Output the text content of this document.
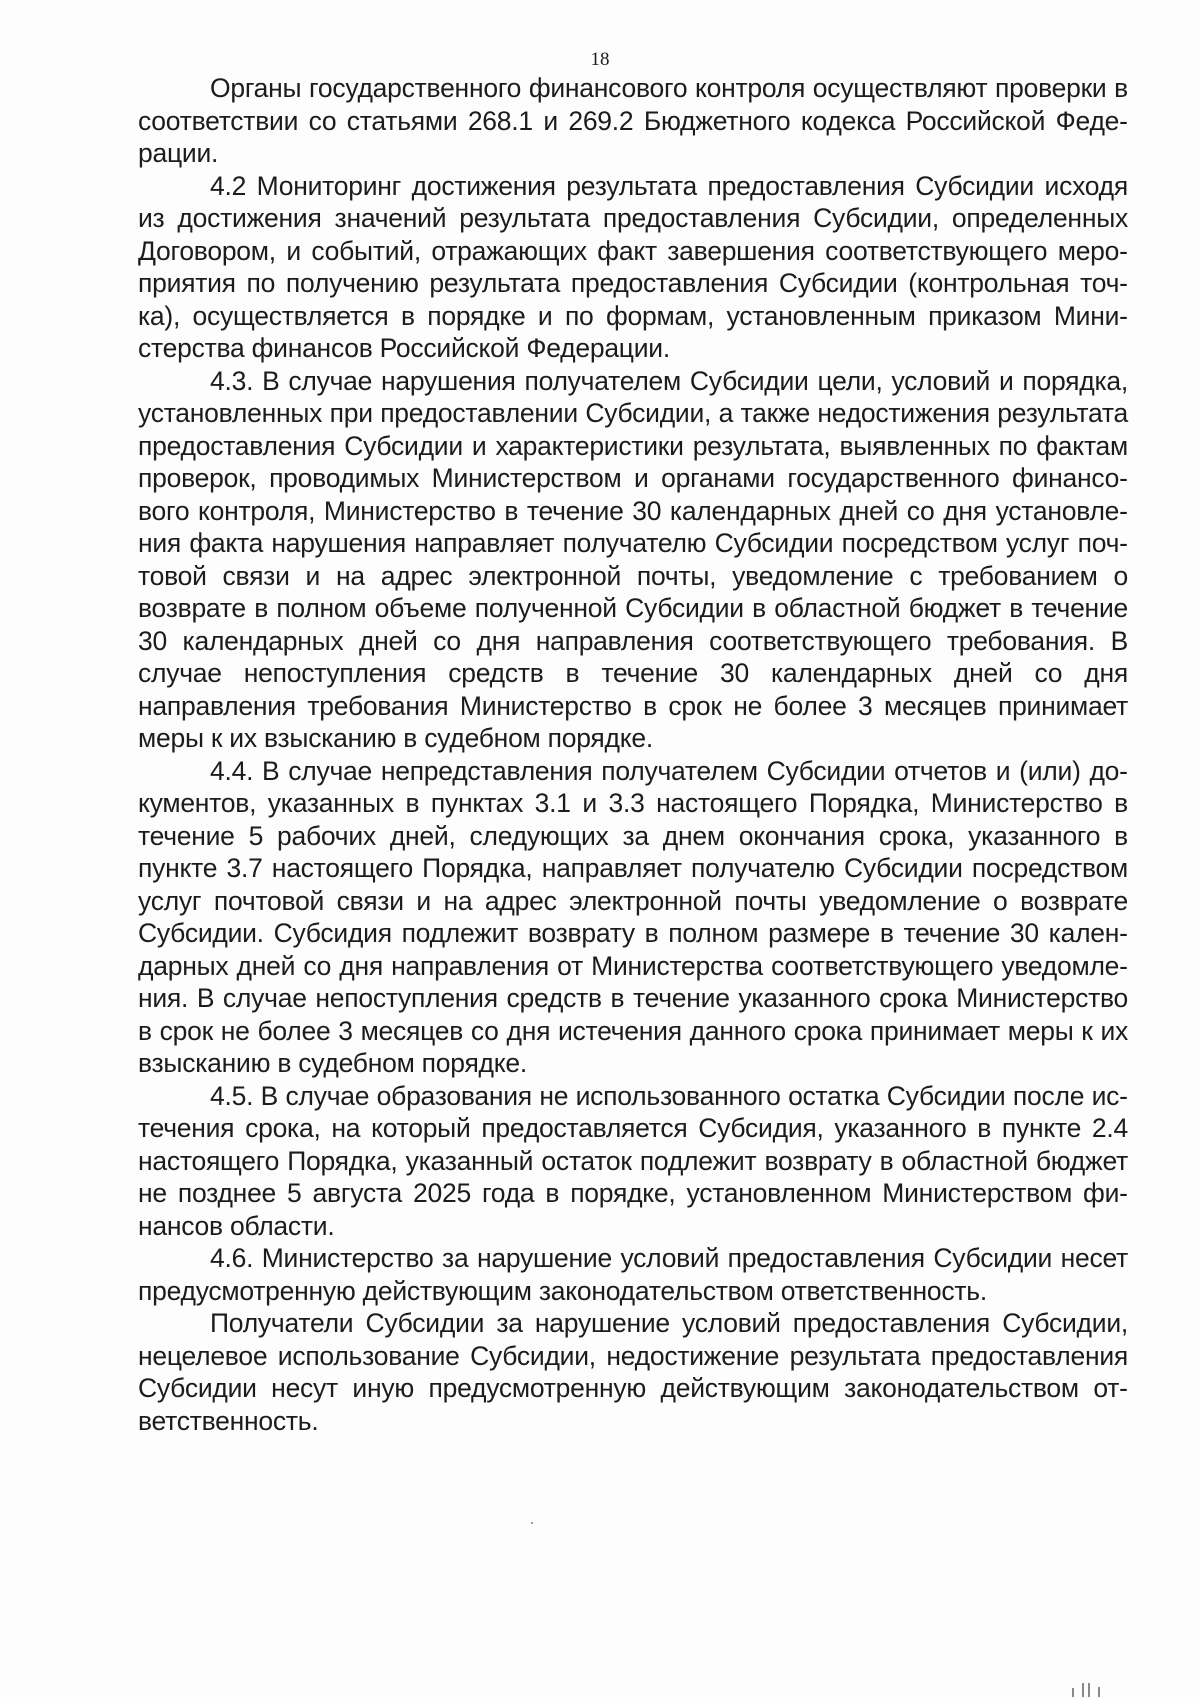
18

Органы государственного финансового контроля осуществляют проверки в соответствии со статьями 268.1 и 269.2 Бюджетного кодекса Российской Федерации.

4.2 Мониторинг достижения результата предоставления Субсидии исходя из достижения значений результата предоставления Субсидии, определенных Договором, и событий, отражающих факт завершения соответствующего мероприятия по получению результата предоставления Субсидии (контрольная точка), осуществляется в порядке и по формам, установленным приказом Министерства финансов Российской Федерации.

4.3. В случае нарушения получателем Субсидии цели, условий и порядка, установленных при предоставлении Субсидии, а также недостижения результата предоставления Субсидии и характеристики результата, выявленных по фактам проверок, проводимых Министерством и органами государственного финансового контроля, Министерство в течение 30 календарных дней со дня установления факта нарушения направляет получателю Субсидии посредством услуг почтовой связи и на адрес электронной почты, уведомление с требованием о возврате в полном объеме полученной Субсидии в областной бюджет в течение 30 календарных дней со дня направления соответствующего требования. В случае непоступления средств в течение 30 календарных дней со дня направления требования Министерство в срок не более 3 месяцев принимает меры к их взысканию в судебном порядке.

4.4. В случае непредставления получателем Субсидии отчетов и (или) документов, указанных в пунктах 3.1 и 3.3 настоящего Порядка, Министерство в течение 5 рабочих дней, следующих за днем окончания срока, указанного в пункте 3.7 настоящего Порядка, направляет получателю Субсидии посредством услуг почтовой связи и на адрес электронной почты уведомление о возврате Субсидии. Субсидия подлежит возврату в полном размере в течение 30 календарных дней со дня направления от Министерства соответствующего уведомления. В случае непоступления средств в течение указанного срока Министерство в срок не более 3 месяцев со дня истечения данного срока принимает меры к их взысканию в судебном порядке.

4.5. В случае образования не использованного остатка Субсидии после истечения срока, на который предоставляется Субсидия, указанного в пункте 2.4 настоящего Порядка, указанный остаток подлежит возврату в областной бюджет не позднее 5 августа 2025 года в порядке, установленном Министерством финансов области.

4.6. Министерство за нарушение условий предоставления Субсидии несет предусмотренную действующим законодательством ответственность.

Получатели Субсидии за нарушение условий предоставления Субсидии, нецелевое использование Субсидии, недостижение результата предоставления Субсидии несут иную предусмотренную действующим законодательством ответственность.
